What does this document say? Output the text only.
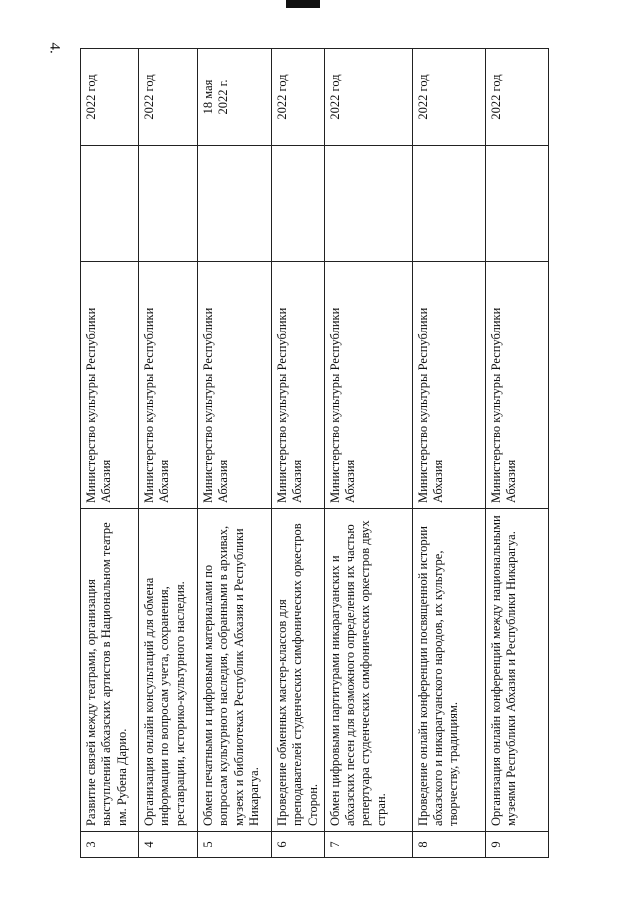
4.
3	Развитие связей между театрами, организация выступлений абхазских артистов в Национальном театре им. Рубена Дарио.	Министерство культуры Республики Абхазия		2022 год

4	Организация онлайн консультаций для обмена информации по вопросам учета, сохранения, реставрации, историко-культурного наследия.	Министерство культуры Республики Абхазия		2022 год

5	Обмен печатными и цифровыми материалами по вопросам культурного наследия, собранными в архивах, музеях и библиотеках Республик Абхазия и Республики Никарагуа.	Министерство культуры Республики Абхазия		18 мая 2022 г.

6	Проведение обменных мастер-классов для преподавателей студенческих симфонических оркестров Сторон.	Министерство культуры Республики Абхазия		2022 год

7	Обмен цифровыми партитурами никарагуанских и абхазских песен для возможного определения их частью репертуара студенческих симфонических оркестров двух стран.	Министерство культуры Республики Абхазия		2022 год

8	Проведение онлайн конференции посвященной истории абхазского и никарагуанского народов, их культуре, творчеству, традициям.	Министерство культуры Республики Абхазия		2022 год

9	Организация онлайн конференций между национальными музеями Республики Абхазия и Республики Никарагуа.	Министерство культуры Республики Абхазия		2022 год
